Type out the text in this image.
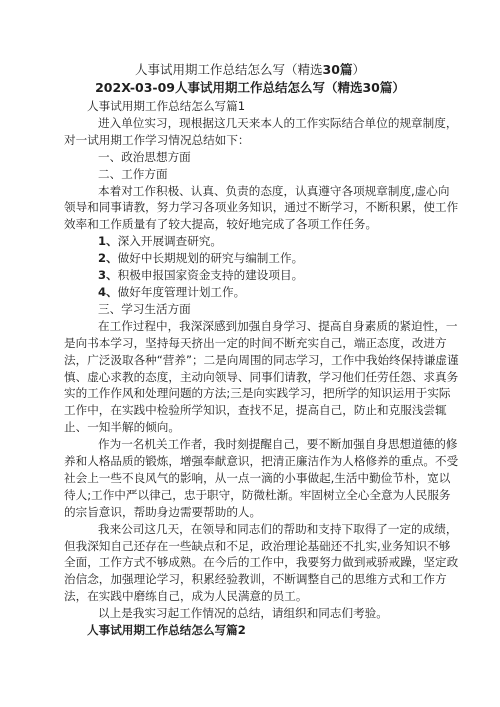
人事试用期工作总结怎么写（精选30篇）
202X-03-09人事试用期工作总结怎么写（精选30篇）

人事试用期工作总结怎么写篇1

进入单位实习，现根据这几天来本人的工作实际结合单位的规章制度，对一试用期工作学习情况总结如下：

一、政治思想方面

二、工作方面

本着对工作积极、认真、负责的态度，认真遵守各项规章制度,虚心向领导和同事请教，努力学习各项业务知识，通过不断学习，不断积累，使工作效率和工作质量有了较大提高，较好地完成了各项工作任务。

1、深入开展调查研究。

2、做好中长期规划的研究与编制工作。

3、积极申报国家资金支持的建设项目。

4、做好年度管理计划工作。

三、学习生活方面

在工作过程中，我深深感到加强自身学习、提高自身素质的紧迫性，一是向书本学习，坚持每天挤出一定的时间不断充实自己，端正态度，改进方法，广泛汲取各种“营养”；二是向周围的同志学习，工作中我始终保持谦虚谨慎、虚心求教的态度，主动向领导、同事们请教，学习他们任劳任怨、求真务实的工作作风和处理问题的方法;三是向实践学习，把所学的知识运用于实际工作中，在实践中检验所学知识，查找不足，提高自己，防止和克服浅尝辄止、一知半解的倾向。

作为一名机关工作者，我时刻提醒自己，要不断加强自身思想道德的修养和人格品质的锻炼，增强奉献意识，把清正廉洁作为人格修养的重点。不受社会上一些不良风气的影响，从一点一滴的小事做起,生活中勤俭节朴，宽以待人;工作中严以律己，忠于职守，防微杜渐。牢固树立全心全意为人民服务的宗旨意识，帮助身边需要帮助的人。

我来公司这几天，在领导和同志们的帮助和支持下取得了一定的成绩，但我深知自己还存在一些缺点和不足，政治理论基础还不扎实,业务知识不够全面，工作方式不够成熟。在今后的工作中，我要努力做到戒骄戒躁，坚定政治信念，加强理论学习，积累经验教训，不断调整自己的思维方式和工作方法，在实践中磨练自己，成为人民满意的员工。

以上是我实习起工作情况的总结，请组织和同志们考验。

人事试用期工作总结怎么写篇2
